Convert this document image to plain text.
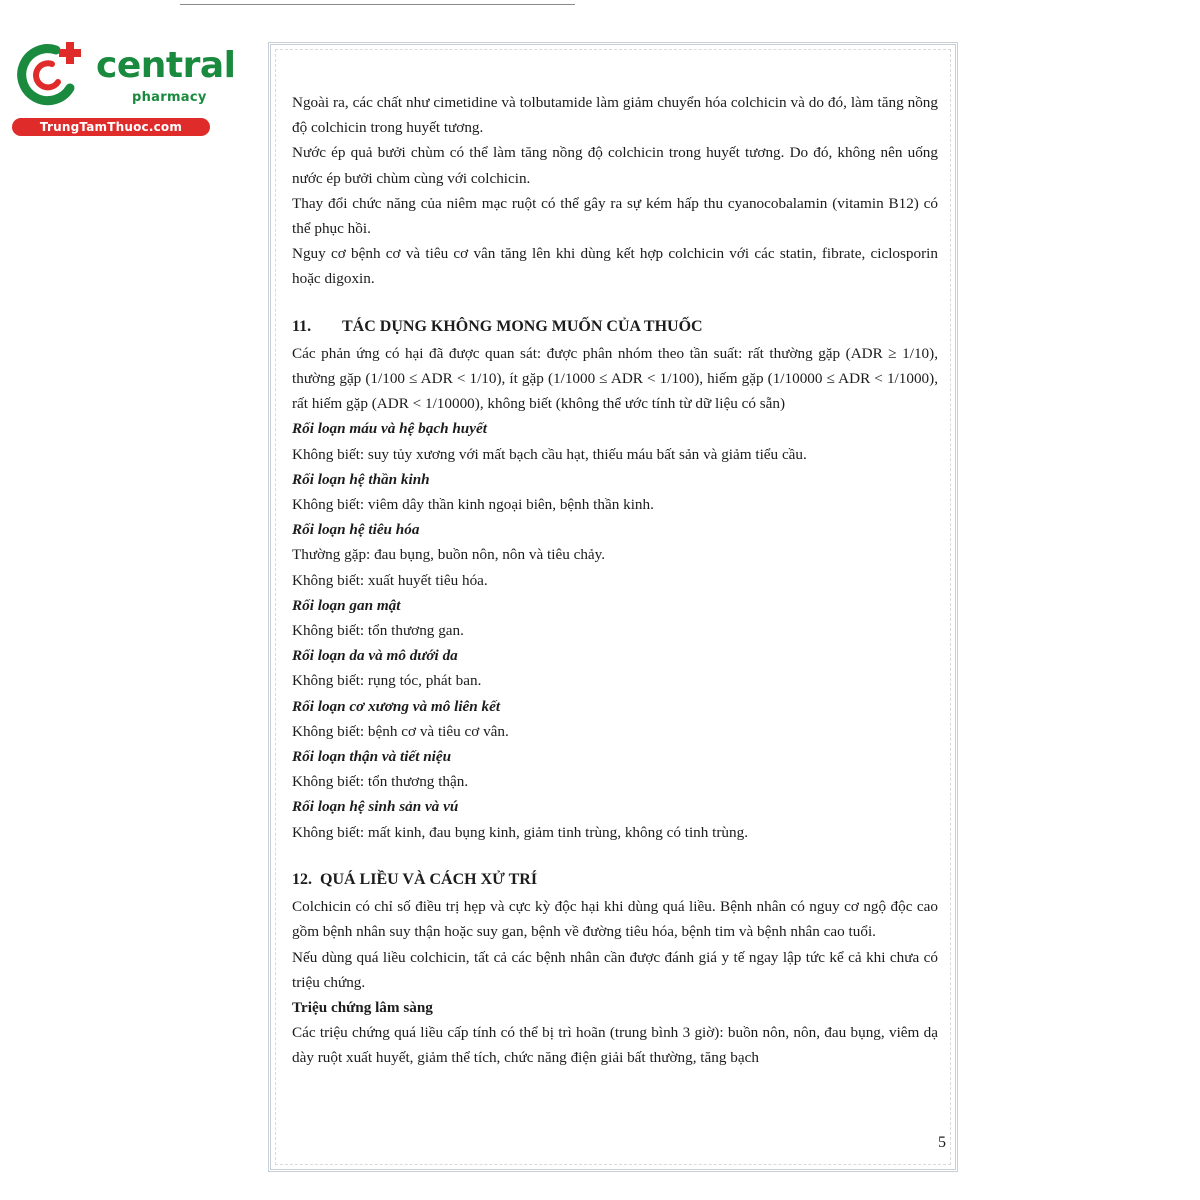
central
pharmacy
TrungTamThuoc.com

Ngoài ra, các chất như cimetidine và tolbutamide làm giảm chuyển hóa colchicin và do đó, làm tăng nồng độ colchicin trong huyết tương.

Nước ép quả bưởi chùm có thể làm tăng nồng độ colchicin trong huyết tương. Do đó, không nên uống nước ép bưởi chùm cùng với colchicin.

Thay đổi chức năng của niêm mạc ruột có thể gây ra sự kém hấp thu cyanocobalamin (vitamin B12) có thể phục hồi.

Nguy cơ bệnh cơ và tiêu cơ vân tăng lên khi dùng kết hợp colchicin với các statin, fibrate, ciclosporin hoặc digoxin.

11. TÁC DỤNG KHÔNG MONG MUỐN CỦA THUỐC

Các phản ứng có hại đã được quan sát: được phân nhóm theo tần suất: rất thường gặp (ADR ≥ 1/10), thường gặp (1/100 ≤ ADR < 1/10), ít gặp (1/1000 ≤ ADR < 1/100), hiếm gặp (1/10000 ≤ ADR < 1/1000), rất hiếm gặp (ADR < 1/10000), không biết (không thể ước tính từ dữ liệu có sẵn)

Rối loạn máu và hệ bạch huyết

Không biết: suy tủy xương với mất bạch cầu hạt, thiếu máu bất sản và giảm tiểu cầu.

Rối loạn hệ thần kinh

Không biết: viêm dây thần kinh ngoại biên, bệnh thần kinh.

Rối loạn hệ tiêu hóa

Thường gặp: đau bụng, buồn nôn, nôn và tiêu chảy.

Không biết: xuất huyết tiêu hóa.

Rối loạn gan mật

Không biết: tổn thương gan.

Rối loạn da và mô dưới da

Không biết: rụng tóc, phát ban.

Rối loạn cơ xương và mô liên kết

Không biết: bệnh cơ và tiêu cơ vân.

Rối loạn thận và tiết niệu

Không biết: tổn thương thận.

Rối loạn hệ sinh sản và vú

Không biết: mất kinh, đau bụng kinh, giảm tinh trùng, không có tinh trùng.

12. QUÁ LIỀU VÀ CÁCH XỬ TRÍ

Colchicin có chỉ số điều trị hẹp và cực kỳ độc hại khi dùng quá liều. Bệnh nhân có nguy cơ ngộ độc cao gồm bệnh nhân suy thận hoặc suy gan, bệnh về đường tiêu hóa, bệnh tim và bệnh nhân cao tuổi.

Nếu dùng quá liều colchicin, tất cả các bệnh nhân cần được đánh giá y tế ngay lập tức kể cả khi chưa có triệu chứng.

Triệu chứng lâm sàng

Các triệu chứng quá liều cấp tính có thể bị trì hoãn (trung bình 3 giờ): buồn nôn, nôn, đau bụng, viêm dạ dày ruột xuất huyết, giảm thể tích, chức năng điện giải bất thường, tăng bạch

5
